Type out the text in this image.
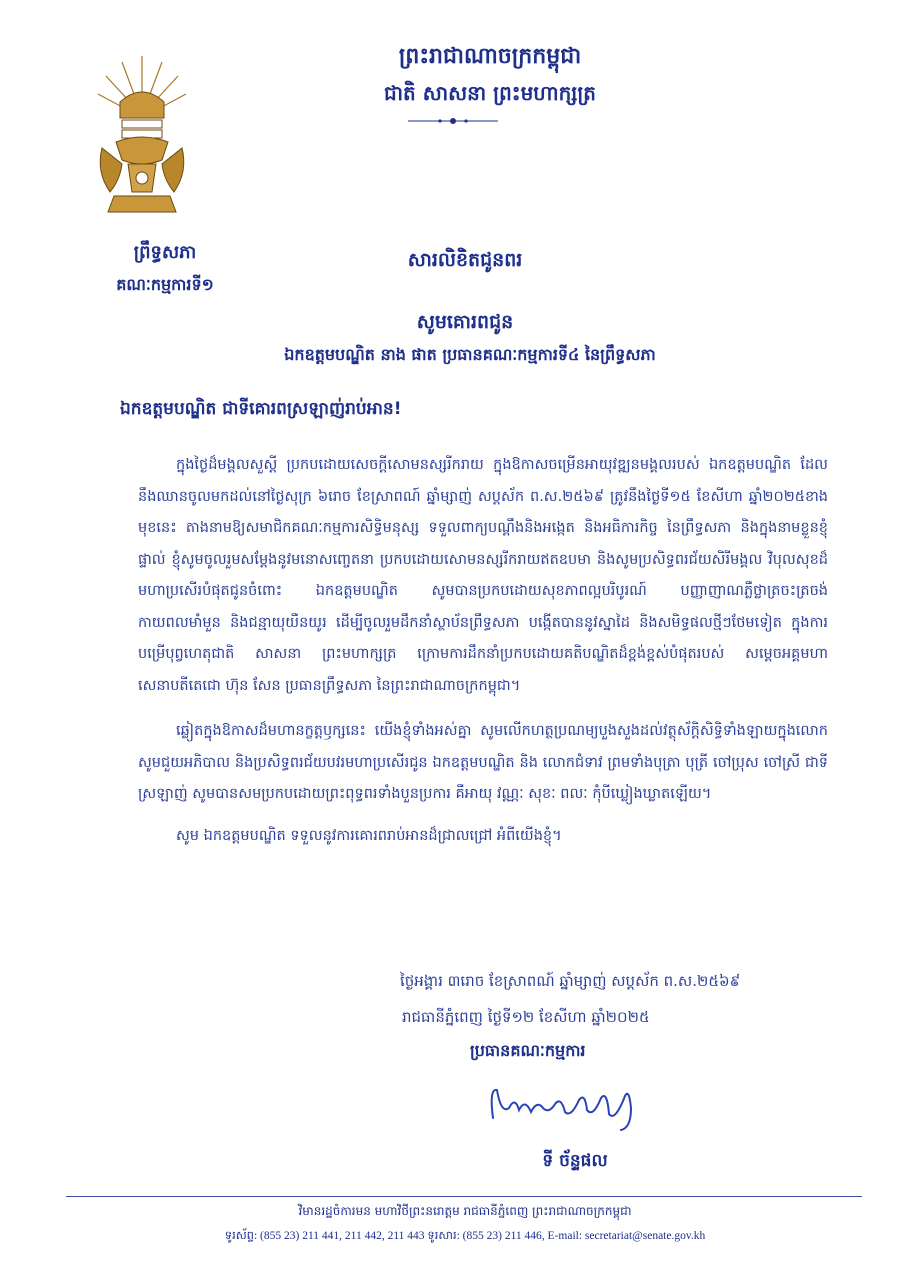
ព្រះរាជាណាចក្រកម្ពុជា
ជាតិ សាសនា ព្រះមហាក្សត្រ
ព្រឹទ្ធសភា
គណៈកម្មការទី១
សារលិខិតជូនពរ
សូមគោរពជូន
ឯកឧត្តមបណ្ឌិត នាង ផាត ប្រធានគណៈកម្មការទី៤ នៃព្រឹទ្ធសភា
ឯកឧត្តមបណ្ឌិត ជាទីគោរពស្រឡាញ់រាប់អាន!

ក្នុងថ្ងៃដ៏មង្គលសួស្តី ប្រកបដោយសេចក្តីសោមនស្សរីករាយ ក្នុងឱកាសចម្រើនអាយុវឌ្ឍនមង្គលរបស់ ឯកឧត្តមបណ្ឌិត ដែលនឹងឈានចូលមកដល់នៅថ្ងៃសុក្រ ៦រោច ខែស្រាពណ៍ ឆ្នាំម្សាញ់ សប្តស័ក ព.ស.២៥៦៩ ត្រូវនឹងថ្ងៃទី១៥ ខែសីហា ឆ្នាំ២០២៥ខាងមុខនេះ តាងនាមឱ្យសមាជិកគណៈកម្មការសិទ្ធិមនុស្ស ទទួលពាក្យបណ្តឹងនិងអង្កេត និងអធិការកិច្ច នៃព្រឹទ្ធសភា និងក្នុងនាមខ្លួនខ្ញុំផ្ទាល់ ខ្ញុំសូមចូលរួមសម្តែងនូវមនោសញ្ចេតនា ប្រកបដោយសោមនស្សរីករាយឥតឧបមា និងសូមប្រសិទ្ធពរជ័យសិរីមង្គល វិបុលសុខដ៏មហាប្រសើរបំផុតជូនចំពោះ ឯកឧត្តមបណ្ឌិត សូមបានប្រកបដោយសុខភាពល្អបរិបូរណ៍ បញ្ញាញាណភ្លឺថ្លាត្រចះត្រចង់ កាយពលមាំមួន និងជន្មាយុយឺនយូរ ដើម្បីចូលរួមដឹកនាំស្ថាប័នព្រឹទ្ធសភា បង្កើតបាននូវស្នាដៃ និងសមិទ្ធផលថ្មីៗថែមទៀត ក្នុងការបម្រើបុព្វហេតុជាតិ សាសនា ព្រះមហាក្សត្រ ក្រោមការដឹកនាំប្រកបដោយគតិបណ្ឌិតដ៏ខ្ពង់ខ្ពស់បំផុតរបស់ សម្តេចអគ្គមហាសេនាបតីតេជោ ហ៊ុន សែន ប្រធានព្រឹទ្ធសភា នៃព្រះរាជាណាចក្រកម្ពុជា។

ឆ្លៀតក្នុងឱកាសដ៏មហានក្ខត្តឫក្សនេះ យើងខ្ញុំទាំងអស់គ្នា សូមលើកហត្ថប្រណម្យបួងសួងដល់វត្ថុស័ក្តិសិទ្ធិទាំងឡាយក្នុងលោក សូមជួយអភិបាល និងប្រសិទ្ធពរជ័យបវរមហាប្រសើរជូន ឯកឧត្តមបណ្ឌិត និង លោកជំទាវ ព្រមទាំងបុត្រា បុត្រី ចៅប្រុស ចៅស្រី ជាទីស្រឡាញ់ សូមបានសមប្រកបដោយព្រះពុទ្ធពរទាំងបួនប្រការ គឺអាយុ វណ្ណៈ សុខៈ ពលៈ កុំបីឃ្លៀងឃ្លាតឡើយ។

សូម ឯកឧត្តមបណ្ឌិត ទទួលនូវការគោរពរាប់អានដ៏ជ្រាលជ្រៅ អំពីយើងខ្ញុំ។

ថ្ងៃអង្គារ ៣រោច ខែស្រាពណ៍ ឆ្នាំម្សាញ់ សប្តស័ក ព.ស.២៥៦៩
រាជធានីភ្នំពេញ ថ្ងៃទី១២ ខែសីហា ឆ្នាំ២០២៥
ប្រធានគណៈកម្មការ
ទី ច័ន្ទផល
វិមានរដ្ឋចំការមន មហាវិថីព្រះនរោត្តម រាជធានីភ្នំពេញ ព្រះរាជាណាចក្រកម្ពុជា
ទូរស័ព្ទ: (855 23) 211 441, 211 442, 211 443 ទូរសារ: (855 23) 211 446, E-mail: secretariat@senate.gov.kh
